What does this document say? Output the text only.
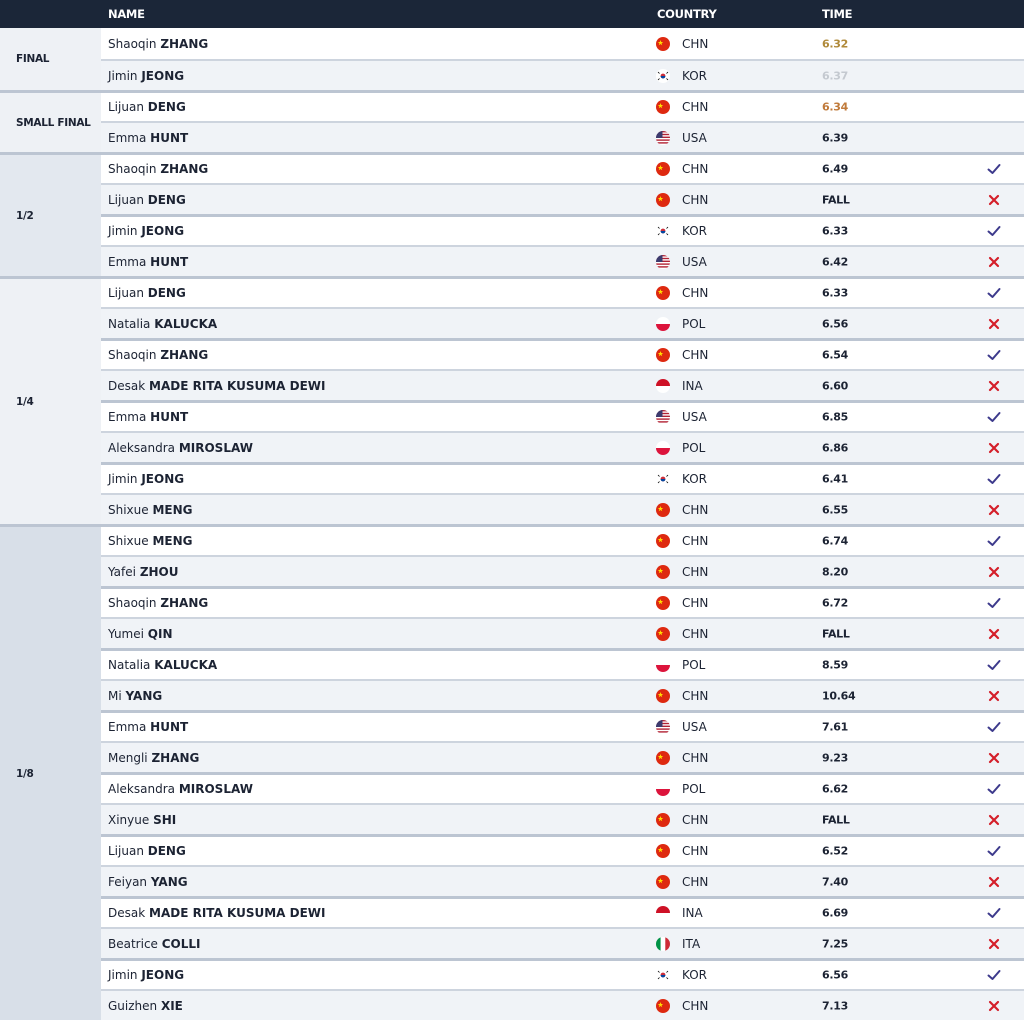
NAME	COUNTRY	TIME
FINAL
Shaoqin ZHANG	CHN	6.32
Jimin JEONG	KOR	6.37
SMALL FINAL
Lijuan DENG	CHN	6.34
Emma HUNT	USA	6.39
1/2
Shaoqin ZHANG	CHN	6.49
Lijuan DENG	CHN	FALL
Jimin JEONG	KOR	6.33
Emma HUNT	USA	6.42
1/4
Lijuan DENG	CHN	6.33
Natalia KALUCKA	POL	6.56
Shaoqin ZHANG	CHN	6.54
Desak MADE RITA KUSUMA DEWI	INA	6.60
Emma HUNT	USA	6.85
Aleksandra MIROSLAW	POL	6.86
Jimin JEONG	KOR	6.41
Shixue MENG	CHN	6.55
1/8
Shixue MENG	CHN	6.74
Yafei ZHOU	CHN	8.20
Shaoqin ZHANG	CHN	6.72
Yumei QIN	CHN	FALL
Natalia KALUCKA	POL	8.59
Mi YANG	CHN	10.64
Emma HUNT	USA	7.61
Mengli ZHANG	CHN	9.23
Aleksandra MIROSLAW	POL	6.62
Xinyue SHI	CHN	FALL
Lijuan DENG	CHN	6.52
Feiyan YANG	CHN	7.40
Desak MADE RITA KUSUMA DEWI	INA	6.69
Beatrice COLLI	ITA	7.25
Jimin JEONG	KOR	6.56
Guizhen XIE	CHN	7.13
